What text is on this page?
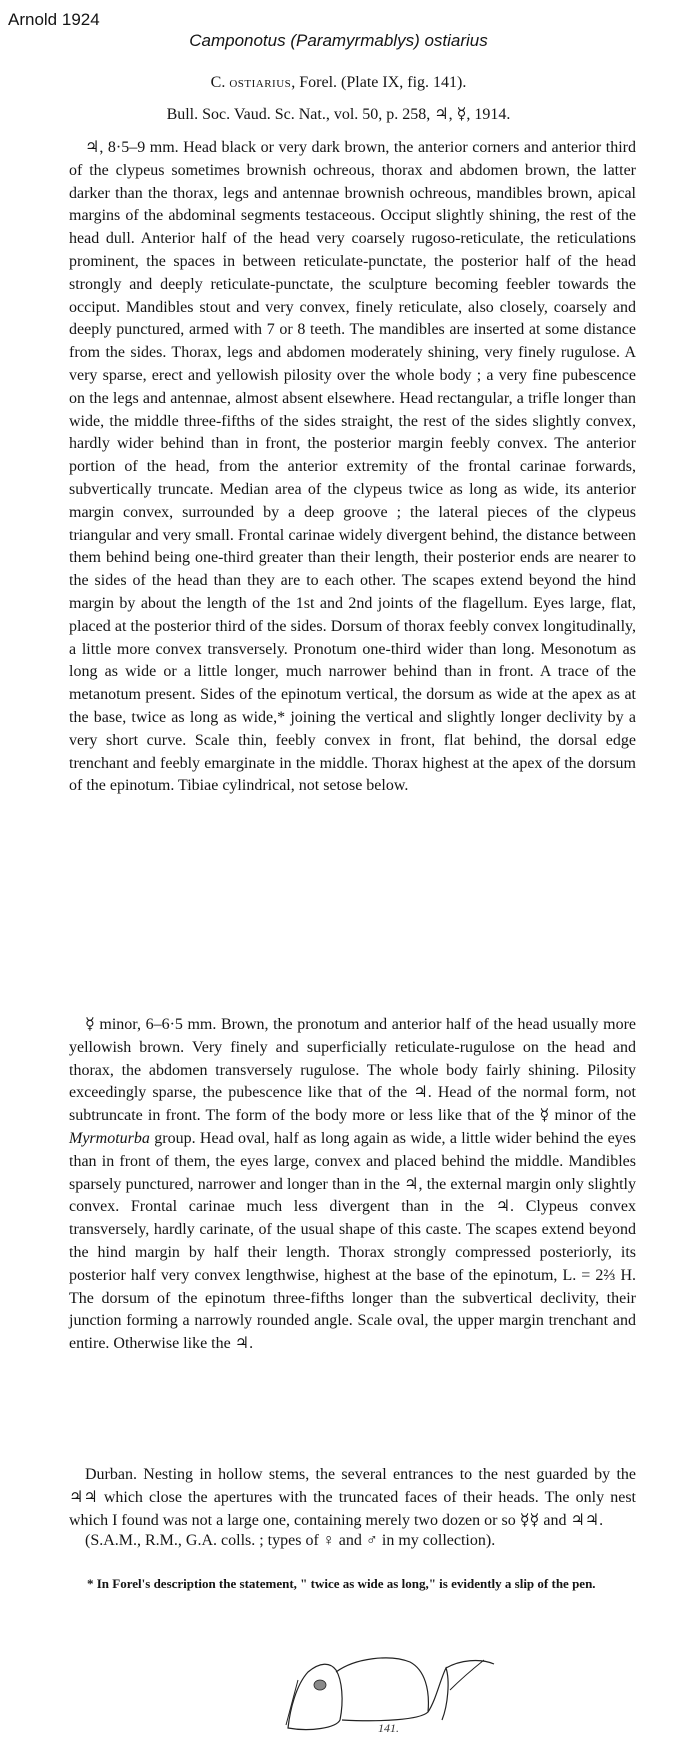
Arnold 1924
Camponotus (Paramyrmablys) ostiarius
C. ostiarius, Forel. (Plate IX, fig. 141).
Bull. Soc. Vaud. Sc. Nat., vol. 50, p. 258, ♃, ☿, 1914.

♃, 8·5–9 mm. Head black or very dark brown, the anterior corners and anterior third of the clypeus sometimes brownish ochreous, thorax and abdomen brown, the latter darker than the thorax, legs and antennae brownish ochreous, mandibles brown, apical margins of the abdominal segments testaceous. Occiput slightly shining, the rest of the head dull. Anterior half of the head very coarsely rugoso-reticulate, the reticulations prominent, the spaces in between reticulate-punctate, the posterior half of the head strongly and deeply reticulate-punctate, the sculpture becoming feebler towards the occiput. Mandibles stout and very convex, finely reticulate, also closely, coarsely and deeply punctured, armed with 7 or 8 teeth. The mandibles are inserted at some distance from the sides. Thorax, legs and abdomen moderately shining, very finely rugulose. A very sparse, erect and yellowish pilosity over the whole body ; a very fine pubescence on the legs and antennae, almost absent elsewhere. Head rectangular, a trifle longer than wide, the middle three-fifths of the sides straight, the rest of the sides slightly convex, hardly wider behind than in front, the posterior margin feebly convex. The anterior portion of the head, from the anterior extremity of the frontal carinae forwards, subvertically truncate. Median area of the clypeus twice as long as wide, its anterior margin convex, surrounded by a deep groove ; the lateral pieces of the clypeus triangular and very small. Frontal carinae widely divergent behind, the distance between them behind being one-third greater than their length, their posterior ends are nearer to the sides of the head than they are to each other. The scapes extend beyond the hind margin by about the length of the 1st and 2nd joints of the flagellum. Eyes large, flat, placed at the posterior third of the sides. Dorsum of thorax feebly convex longitudinally, a little more convex transversely. Pronotum one-third wider than long. Mesonotum as long as wide or a little longer, much narrower behind than in front. A trace of the metanotum present. Sides of the epinotum vertical, the dorsum as wide at the apex as at the base, twice as long as wide,* joining the vertical and slightly longer declivity by a very short curve. Scale thin, feebly convex in front, flat behind, the dorsal edge trenchant and feebly emarginate in the middle. Thorax highest at the apex of the dorsum of the epinotum. Tibiae cylindrical, not setose below.

☿ minor, 6–6·5 mm. Brown, the pronotum and anterior half of the head usually more yellowish brown. Very finely and superficially reticulate-rugulose on the head and thorax, the abdomen transversely rugulose. The whole body fairly shining. Pilosity exceedingly sparse, the pubescence like that of the ♃. Head of the normal form, not subtruncate in front. The form of the body more or less like that of the ☿ minor of the Myrmoturba group. Head oval, half as long again as wide, a little wider behind the eyes than in front of them, the eyes large, convex and placed behind the middle. Mandibles sparsely punctured, narrower and longer than in the ♃, the external margin only slightly convex. Frontal carinae much less divergent than in the ♃. Clypeus convex transversely, hardly carinate, of the usual shape of this caste. The scapes extend beyond the hind margin by half their length. Thorax strongly compressed posteriorly, its posterior half very convex lengthwise, highest at the base of the epinotum, L. = 2⅔ H. The dorsum of the epinotum three-fifths longer than the subvertical declivity, their junction forming a narrowly rounded angle. Scale oval, the upper margin trenchant and entire. Otherwise like the ♃.

Durban. Nesting in hollow stems, the several entrances to the nest guarded by the ♃♃ which close the apertures with the truncated faces of their heads. The only nest which I found was not a large one, containing merely two dozen or so ☿☿ and ♃♃.

(S.A.M., R.M., G.A. colls. ; types of ♀ and ♂ in my collection).

* In Forel's description the statement, " twice as wide as long," is evidently a slip of the pen.
141.
